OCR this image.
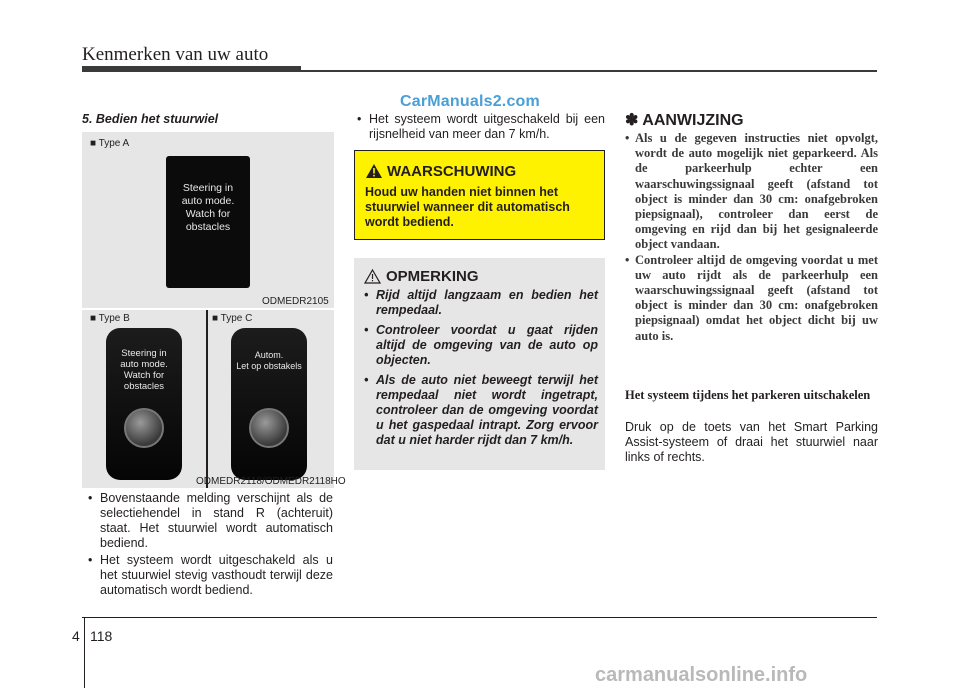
Kenmerken van uw auto
CarManuals2.com
5. Bedien het stuurwiel
■ Type A
Steering in
auto mode.
Watch for
obstacles
ODMEDR2105
■ Type B	■ Type C
Steering in
auto mode.
Watch for
obstacles
Autom.
Let op obstakels
ODMEDR2118/ODMEDR2118HO
• Bovenstaande melding verschijnt als de selectiehendel in stand R (achteruit) staat. Het stuurwiel wordt automatisch bediend.
• Het systeem wordt uitgeschakeld als u het stuurwiel stevig vasthoudt terwijl deze automatisch wordt bediend.
• Het systeem wordt uitgeschakeld bij een rijsnelheid van meer dan 7 km/h.
WAARSCHUWING
Houd uw handen niet binnen het stuurwiel wanneer dit automatisch wordt bediend.
OPMERKING
• Rijd altijd langzaam en bedien het rempedaal.
• Controleer voordat u gaat rijden altijd de omgeving van de auto op objecten.
• Als de auto niet beweegt terwijl het rempedaal niet wordt ingetrapt, controleer dan de omgeving voordat u het gaspedaal intrapt. Zorg ervoor dat u niet harder rijdt dan 7 km/h.
✽ AANWIJZING
• Als u de gegeven instructies niet opvolgt, wordt de auto mogelijk niet geparkeerd. Als de parkeerhulp echter een waarschuwingssignaal geeft (afstand tot object is minder dan 30 cm: onafgebroken piepsignaal), controleer dan eerst de omgeving en rijd dan bij het gesignaleerde object vandaan.
• Controleer altijd de omgeving voordat u met uw auto rijdt als de parkeerhulp een waarschuwingssignaal geeft (afstand tot object is minder dan 30 cm: onafgebroken piepsignaal) omdat het object dicht bij uw auto is.
Het systeem tijdens het parkeren uitschakelen
Druk op de toets van het Smart Parking Assist-systeem of draai het stuurwiel naar links of rechts.
4 118
carmanualsonline.info
